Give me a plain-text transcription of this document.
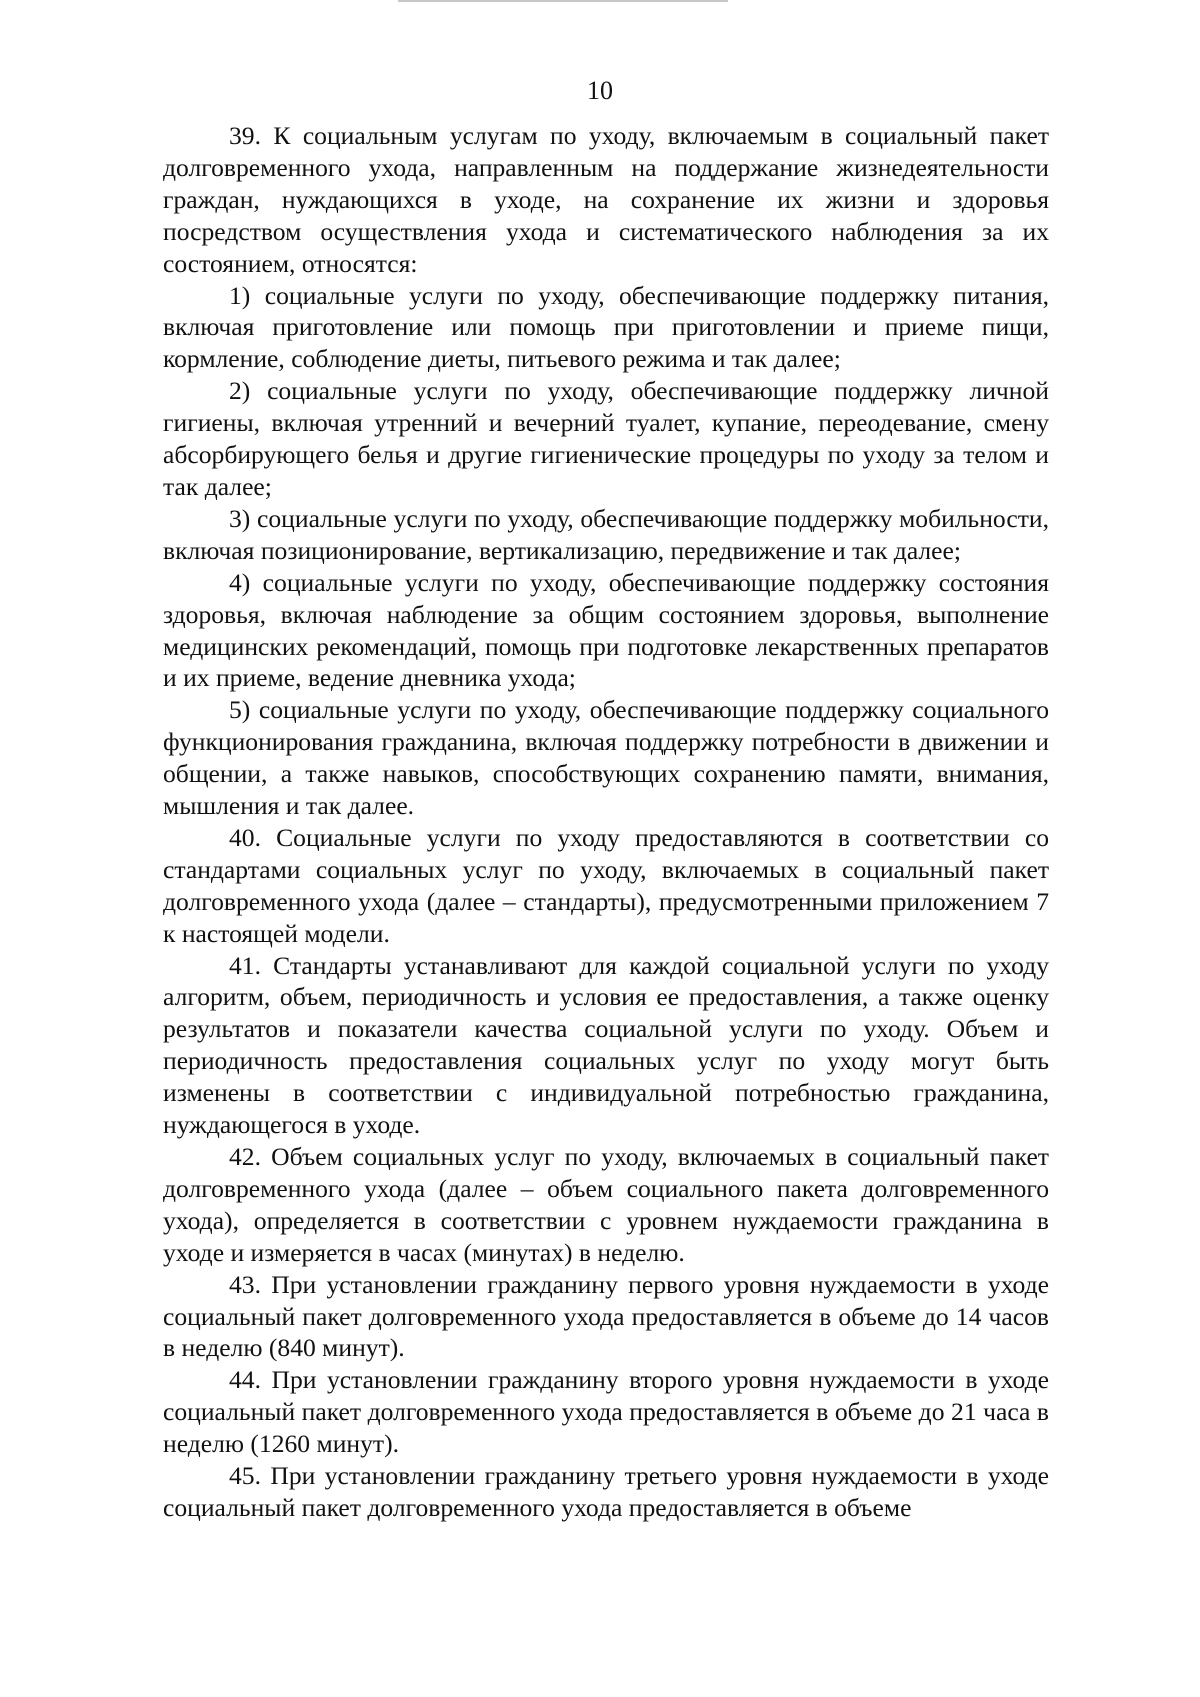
10

39. К социальным услугам по уходу, включаемым в социальный пакет долговременного ухода, направленным на поддержание жизнедеятельности граждан, нуждающихся в уходе, на сохранение их жизни и здоровья посредством осуществления ухода и систематического наблюдения за их состоянием, относятся:

1) социальные услуги по уходу, обеспечивающие поддержку питания, включая приготовление или помощь при приготовлении и приеме пищи, кормление, соблюдение диеты, питьевого режима и так далее;

2) социальные услуги по уходу, обеспечивающие поддержку личной гигиены, включая утренний и вечерний туалет, купание, переодевание, смену абсорбирующего белья и другие гигиенические процедуры по уходу за телом и так далее;

3) социальные услуги по уходу, обеспечивающие поддержку мобильности, включая позиционирование, вертикализацию, передвижение и так далее;

4) социальные услуги по уходу, обеспечивающие поддержку состояния здоровья, включая наблюдение за общим состоянием здоровья, выполнение медицинских рекомендаций, помощь при подготовке лекарственных препаратов и их приеме, ведение дневника ухода;

5) социальные услуги по уходу, обеспечивающие поддержку социального функционирования гражданина, включая поддержку потребности в движении и общении, а также навыков, способствующих сохранению памяти, внимания, мышления и так далее.

40. Социальные услуги по уходу предоставляются в соответствии со стандартами социальных услуг по уходу, включаемых в социальный пакет долговременного ухода (далее – стандарты), предусмотренными приложением 7 к настоящей модели.

41. Стандарты устанавливают для каждой социальной услуги по уходу алгоритм, объем, периодичность и условия ее предоставления, а также оценку результатов и показатели качества социальной услуги по уходу. Объем и периодичность предоставления социальных услуг по уходу могут быть изменены в соответствии с индивидуальной потребностью гражданина, нуждающегося в уходе.

42. Объем социальных услуг по уходу, включаемых в социальный пакет долговременного ухода (далее – объем социального пакета долговременного ухода), определяется в соответствии с уровнем нуждаемости гражданина в уходе и измеряется в часах (минутах) в неделю.

43. При установлении гражданину первого уровня нуждаемости в уходе социальный пакет долговременного ухода предоставляется в объеме до 14 часов в неделю (840 минут).

44. При установлении гражданину второго уровня нуждаемости в уходе социальный пакет долговременного ухода предоставляется в объеме до 21 часа в неделю (1260 минут).

45. При установлении гражданину третьего уровня нуждаемости в уходе социальный пакет долговременного ухода предоставляется в объеме
